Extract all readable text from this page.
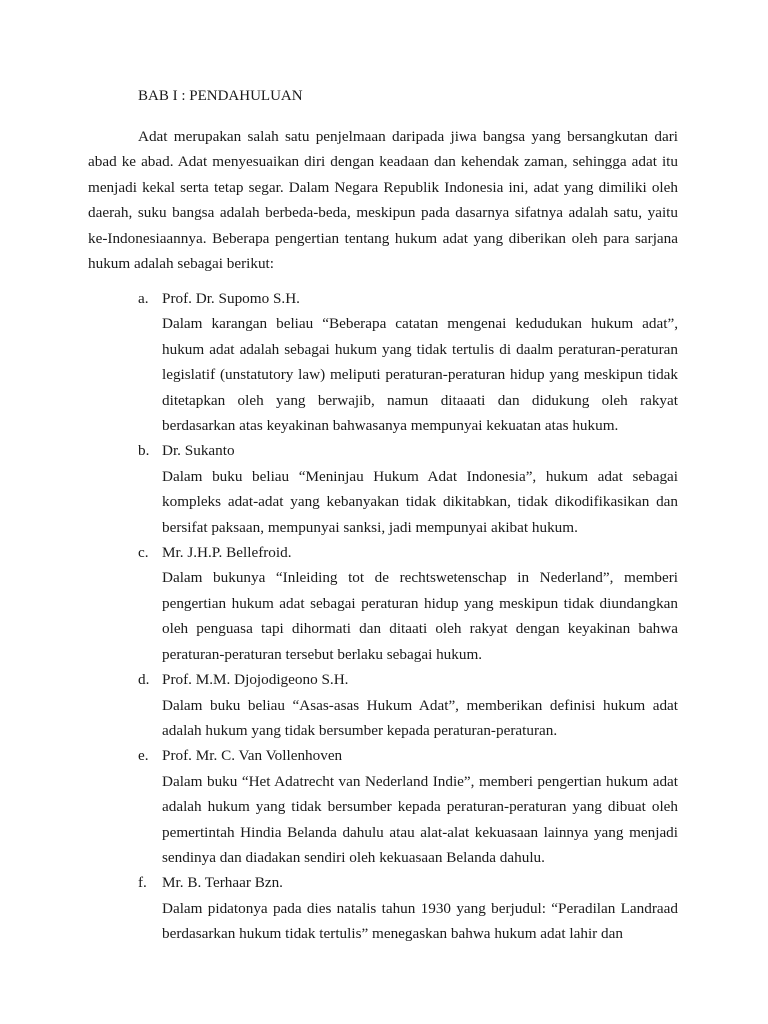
BAB I : PENDAHULUAN

Adat merupakan salah satu penjelmaan daripada jiwa bangsa yang bersangkutan dari abad ke abad. Adat menyesuaikan diri dengan keadaan dan kehendak zaman, sehingga adat itu menjadi kekal serta tetap segar. Dalam Negara Republik Indonesia ini, adat yang dimiliki oleh daerah, suku bangsa adalah berbeda-beda, meskipun pada dasarnya sifatnya adalah satu, yaitu ke-Indonesiaannya. Beberapa pengertian tentang hukum adat yang diberikan oleh para sarjana hukum adalah sebagai berikut:

a. Prof. Dr. Supomo S.H.

Dalam karangan beliau “Beberapa catatan mengenai kedudukan hukum adat”, hukum adat adalah sebagai hukum yang tidak tertulis di daalm peraturan-peraturan legislatif (unstatutory law) meliputi peraturan-peraturan hidup yang meskipun tidak ditetapkan oleh yang berwajib, namun ditaaati dan didukung oleh rakyat berdasarkan atas keyakinan bahwasanya mempunyai kekuatan atas hukum.

b. Dr. Sukanto

Dalam buku beliau “Meninjau Hukum Adat Indonesia”, hukum adat sebagai kompleks adat-adat yang kebanyakan tidak dikitabkan, tidak dikodifikasikan dan bersifat paksaan, mempunyai sanksi, jadi mempunyai akibat hukum.

c. Mr. J.H.P. Bellefroid.

Dalam bukunya “Inleiding tot de rechtswetenschap in Nederland”, memberi pengertian hukum adat sebagai peraturan hidup yang meskipun tidak diundangkan oleh penguasa tapi dihormati dan ditaati oleh rakyat dengan keyakinan bahwa peraturan-peraturan tersebut berlaku sebagai hukum.

d. Prof. M.M. Djojodigeono S.H.

Dalam buku beliau “Asas-asas Hukum Adat”, memberikan definisi hukum adat adalah hukum yang tidak bersumber kepada peraturan-peraturan.

e. Prof. Mr. C. Van Vollenhoven

Dalam buku “Het Adatrecht van Nederland Indie”, memberi pengertian hukum adat adalah hukum yang tidak bersumber kepada peraturan-peraturan yang dibuat oleh pemertintah Hindia Belanda dahulu atau alat-alat kekuasaan lainnya yang menjadi sendinya dan diadakan sendiri oleh kekuasaan Belanda dahulu.

f. Mr. B. Terhaar Bzn.

Dalam pidatonya pada dies natalis tahun 1930 yang berjudul: “Peradilan Landraad berdasarkan hukum tidak tertulis” menegaskan bahwa hukum adat lahir dan
